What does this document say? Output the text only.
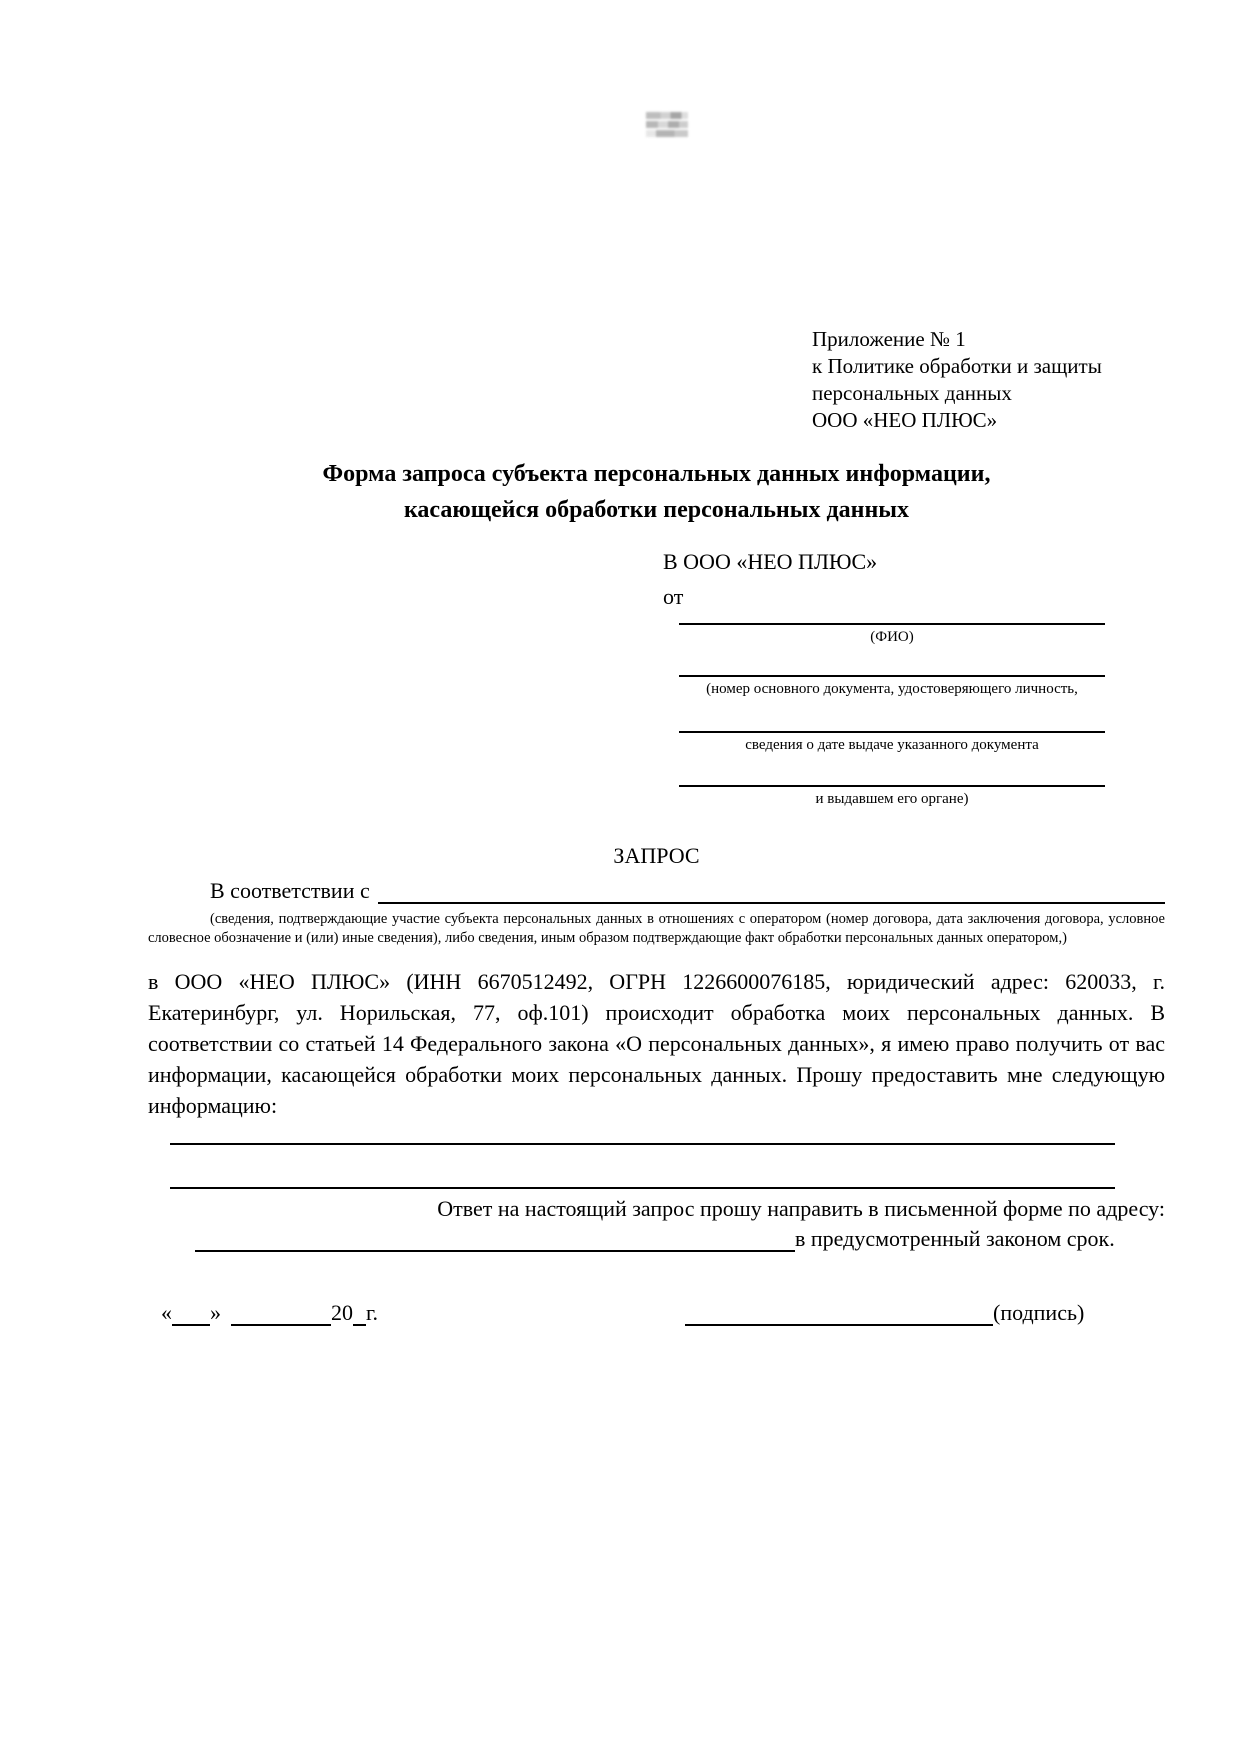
Приложение № 1
к Политике обработки и защиты
персональных данных
ООО «НЕО ПЛЮС»
Форма запроса субъекта персональных данных информации,
касающейся обработки персональных данных
В ООО «НЕО ПЛЮС»
от
(ФИО)
(номер основного документа, удостоверяющего личность,
сведения о дате выдаче указанного документа
и выдавшем его органе)
ЗАПРОС
В соответствии с
(сведения, подтверждающие участие субъекта персональных данных в отношениях с оператором (номер договора, дата заключения договора, условное словесное обозначение и (или) иные сведения), либо сведения, иным образом подтверждающие факт обработки персональных данных оператором,)
в ООО «НЕО ПЛЮС» (ИНН 6670512492, ОГРН 1226600076185, юридический адрес: 620033, г. Екатеринбург, ул. Норильская, 77, оф.101) происходит обработка моих персональных данных. В соответствии со статьей 14 Федерального закона «О персональных данных», я имею право получить от вас информации, касающейся обработки моих персональных данных. Прошу предоставить мне следующую информацию:
Ответ на настоящий запрос прошу направить в письменной форме по адресу:
в предусмотренный законом срок.
« »	20 г.	(подпись)
